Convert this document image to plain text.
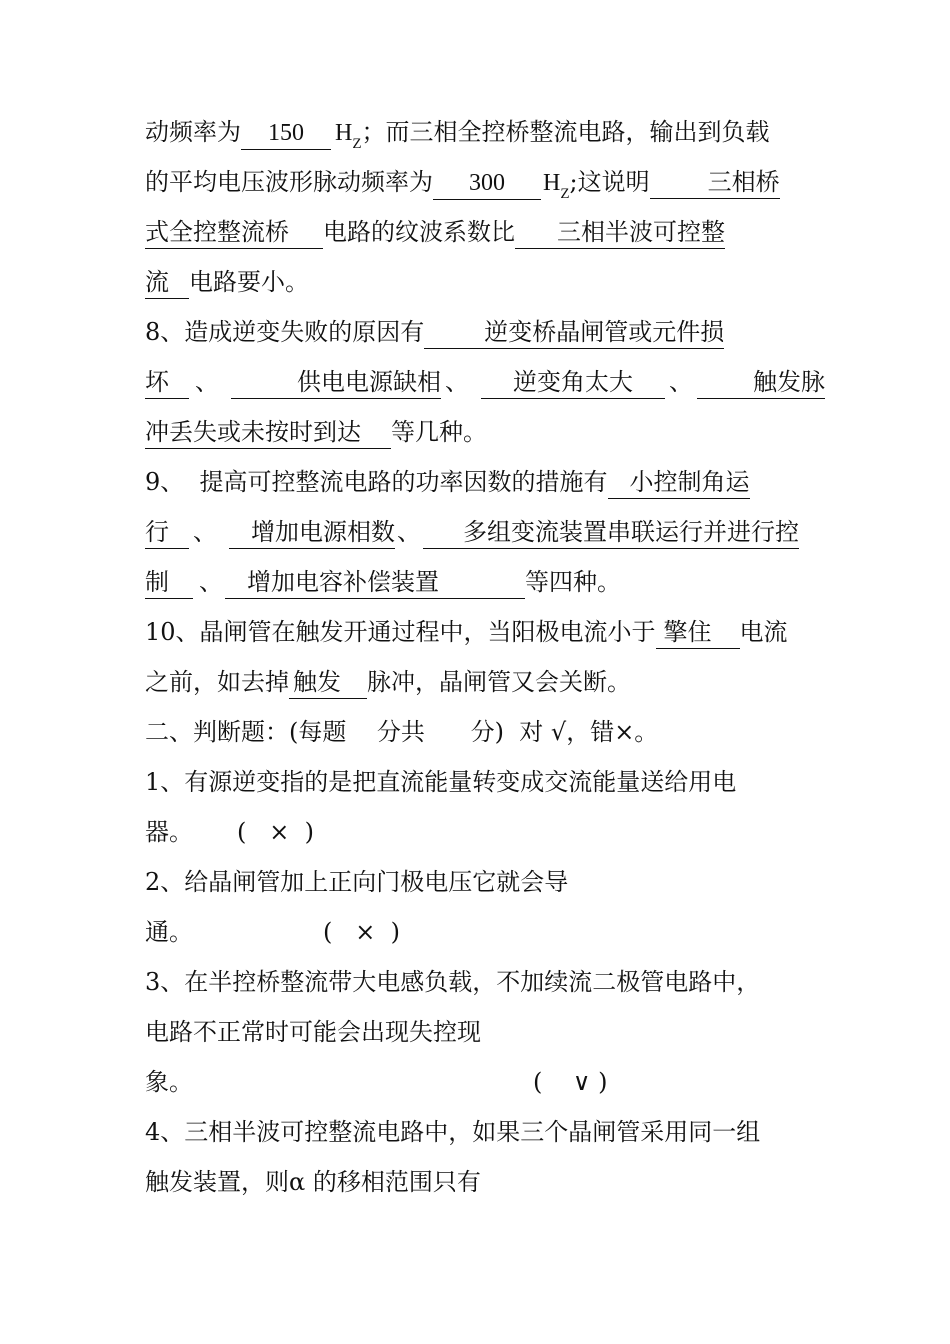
动频率为 150 $H_Z$；而三相全控桥整流电路，输出到负载
的平均电压波形脉动频率为 300 $H_Z$;这说明 三相桥
式全控整流桥 电路的纹波系数比 三相半波可控整
流 电路要小。
8、造成逆变失败的原因有	逆变桥晶闸管或元件损
坏 、	供电电源缺相 、 逆变角太大 、	触发脉
冲丢失或未按时到达 等几种。
9、  提高可控整流电路的功率因数的措施有 小控制角运
行 、 增加电源相数、 多组变流装置串联运行并进行控
制 、 增加电容补偿装置	等四种。
10、晶闸管在触发开通过程中，当阳极电流小于 擎住 电流
之前，如去掉 触发 脉冲，晶闸管又会关断。
二、判断题：(每题    分共      分)  对 √，错×。
1、有源逆变指的是把直流能量转变成交流能量送给用电
器。 (   ×  )
2、给晶闸管加上正向门极电压它就会导
通。	(   ×  )
3、在半控桥整流带大电感负载，不加续流二极管电路中，
电路不正常时可能会出现失控现
象。	(    ∨ )
4、三相半波可控整流电路中，如果三个晶闸管采用同一组
触发装置，则α 的移相范围只有
